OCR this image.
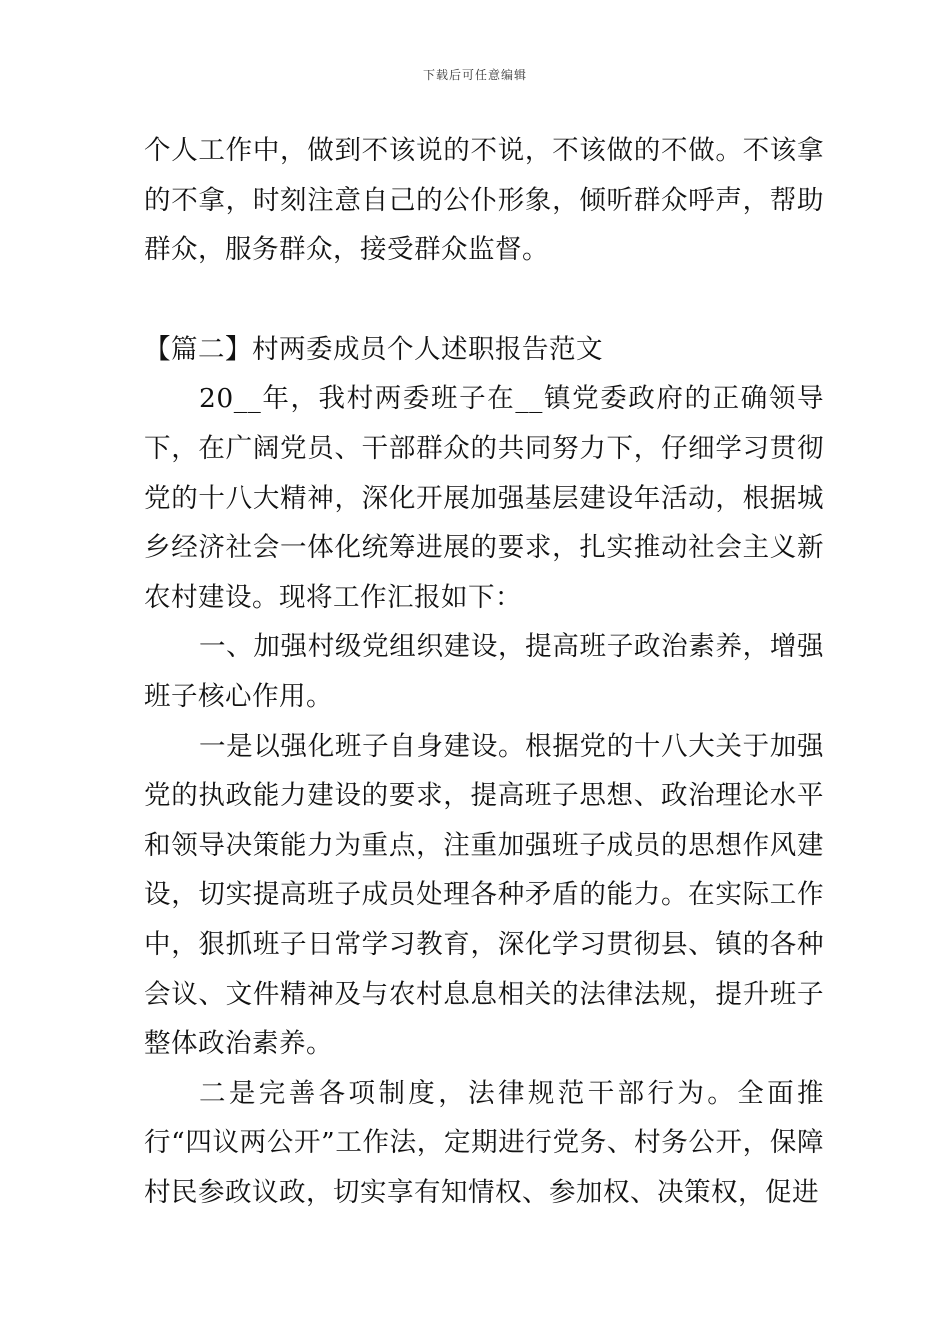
下载后可任意编辑

个人工作中，做到不该说的不说，不该做的不做。不该拿的不拿，时刻注意自己的公仆形象，倾听群众呼声，帮助群众，服务群众，接受群众监督。

【篇二】村两委成员个人述职报告范文

20__年，我村两委班子在__镇党委政府的正确领导下，在广阔党员、干部群众的共同努力下，仔细学习贯彻党的十八大精神，深化开展加强基层建设年活动，根据城乡经济社会一体化统筹进展的要求，扎实推动社会主义新农村建设。现将工作汇报如下：

一、加强村级党组织建设，提高班子政治素养，增强班子核心作用。

一是以强化班子自身建设。根据党的十八大关于加强党的执政能力建设的要求，提高班子思想、政治理论水平和领导决策能力为重点，注重加强班子成员的思想作风建设，切实提高班子成员处理各种矛盾的能力。在实际工作中，狠抓班子日常学习教育，深化学习贯彻县、镇的各种会议、文件精神及与农村息息相关的法律法规，提升班子整体政治素养。

二是完善各项制度，法律规范干部行为。全面推行“四议两公开”工作法，定期进行党务、村务公开，保障村民参政议政，切实享有知情权、参加权、决策权，促进
